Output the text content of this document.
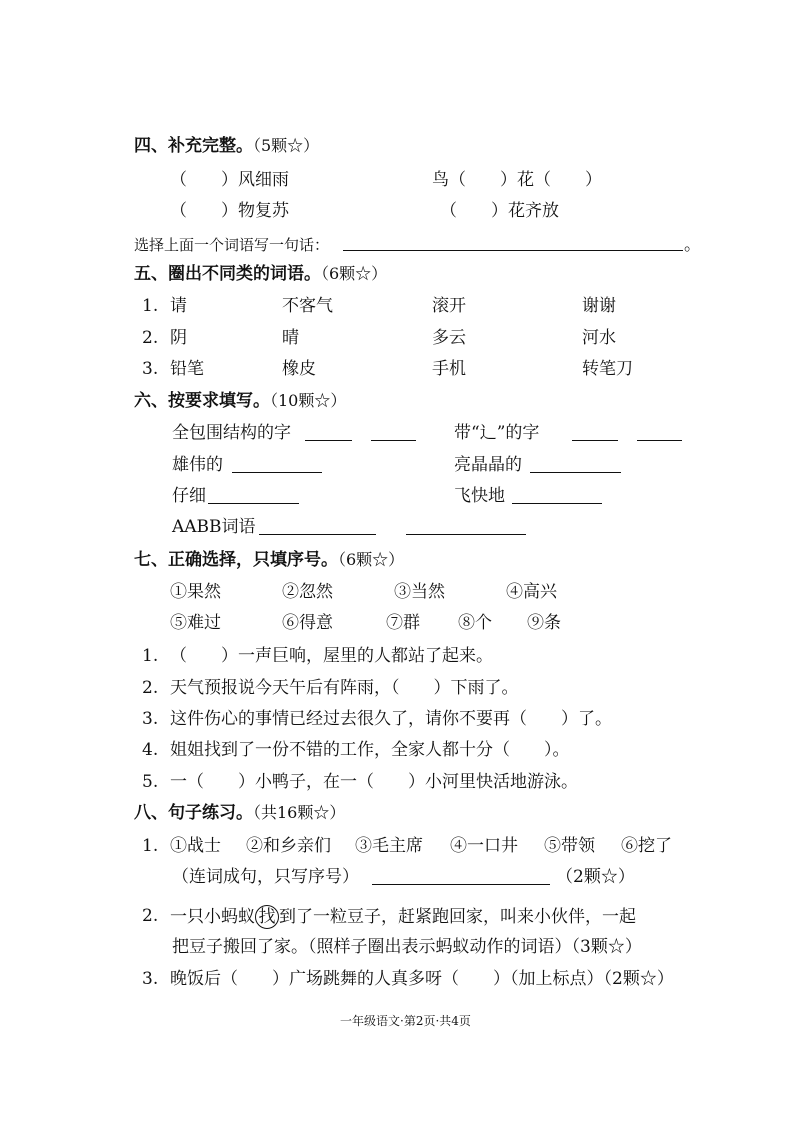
四、补充完整。（5颗☆）
（　　）风细雨	鸟（　　）花（　　）
（　　）物复苏	（　　）花齐放
选择上面一个词语写一句话：	。
五、圈出不同类的词语。（6颗☆）
1. 请	不客气	滚开	谢谢
2. 阴	晴	多云	河水
3. 铅笔	橡皮	手机	转笔刀
六、按要求填写。（10颗☆）
全包围结构的字	带“辶”的字
雄伟的	亮晶晶的
仔细	飞快地
AABB词语
七、正确选择，只填序号。（6颗☆）
①果然	②忽然	③当然	④高兴
⑤难过	⑥得意	⑦群 ⑧个 ⑨条
1. （　　）一声巨响，屋里的人都站了起来。
2. 天气预报说今天午后有阵雨，（　　）下雨了。
3. 这件伤心的事情已经过去很久了，请你不要再（　　）了。
4. 姐姐找到了一份不错的工作，全家人都十分（　　）。
5. 一（　　）小鸭子，在一（　　）小河里快活地游泳。
八、句子练习。（共16颗☆）
1. ①战士 ②和乡亲们 ③毛主席 ④一口井 ⑤带领 ⑥挖了
（连词成句，只写序号）	（2颗☆）
2. 一只小蚂蚁 找 到了一粒豆子，赶紧跑回家，叫来小伙伴，一起
把豆子搬回了家。（照样子圈出表示蚂蚁动作的词语）（3颗☆）
3. 晚饭后（　　）广场跳舞的人真多呀（　　）（加上标点）（2颗☆）
一年级语文·第2页·共4页
